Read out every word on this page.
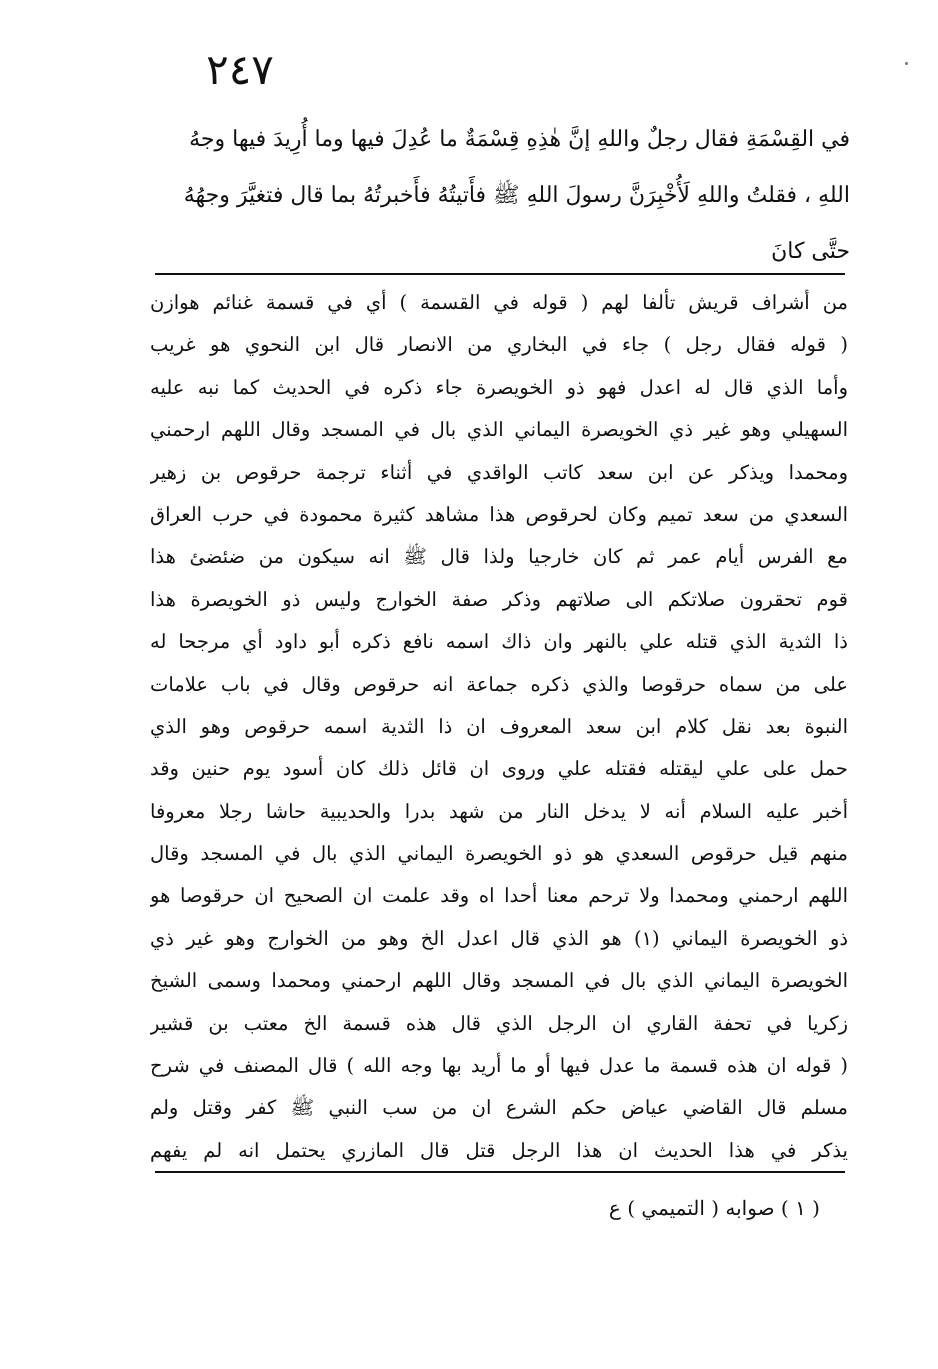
٢٤٧
في القِسْمَةِ فقال رجلٌ واللهِ إنَّ هٰذِهِ قِسْمَةٌ ما عُدِلَ فيها وما أُرِيدَ فيها وجهُ
اللهِ ، فقلتُ واللهِ لَأُخْبِرَنَّ رسولَ اللهِ ﷺ فأَتيتُهُ فأَخبرتُهُ بما قال فتغيَّرَ وجهُهُ
حتَّى كانَ
من أشراف قريش تألفا لهم ( قوله في القسمة ) أي في قسمة غنائم هوازن
( قوله فقال رجل ) جاء في البخاري من الانصار قال ابن النحوي هو غريب
وأما الذي قال له اعدل فهو ذو الخويصرة جاء ذكره في الحديث كما نبه عليه
السهيلي وهو غير ذي الخويصرة اليماني الذي بال في المسجد وقال اللهم ارحمني
ومحمدا ويذكر عن ابن سعد كاتب الواقدي في أثناء ترجمة حرقوص بن زهير
السعدي من سعد تميم وكان لحرقوص هذا مشاهد كثيرة محمودة في حرب العراق
مع الفرس أيام عمر ثم كان خارجيا ولذا قال ﷺ انه سيكون من ضئضئ هذا
قوم تحقرون صلاتكم الى صلاتهم وذكر صفة الخوارج وليس ذو الخويصرة هذا
ذا الثدية الذي قتله علي بالنهر وان ذاك اسمه نافع ذكره أبو داود أي مرجحا له
على من سماه حرقوصا والذي ذكره جماعة انه حرقوص وقال في باب علامات
النبوة بعد نقل كلام ابن سعد المعروف ان ذا الثدية اسمه حرقوص وهو الذي
حمل على علي ليقتله فقتله علي وروى ان قائل ذلك كان أسود يوم حنين وقد
أخبر عليه السلام أنه لا يدخل النار من شهد بدرا والحديبية حاشا رجلا معروفا
منهم قيل حرقوص السعدي هو ذو الخويصرة اليماني الذي بال في المسجد وقال
اللهم ارحمني ومحمدا ولا ترحم معنا أحدا اه وقد علمت ان الصحيح ان حرقوصا هو
ذو الخويصرة اليماني (١) هو الذي قال اعدل الخ وهو من الخوارج وهو غير ذي
الخويصرة اليماني الذي بال في المسجد وقال اللهم ارحمني ومحمدا وسمى الشيخ
زكريا في تحفة القاري ان الرجل الذي قال هذه قسمة الخ معتب بن قشير
( قوله ان هذه قسمة ما عدل فيها أو ما أريد بها وجه الله ) قال المصنف في شرح
مسلم قال القاضي عياض حكم الشرع ان من سب النبي ﷺ كفر وقتل ولم
يذكر في هذا الحديث ان هذا الرجل قتل قال المازري يحتمل انه لم يفهم
( ١ ) صوابه ( التميمي ) ع
